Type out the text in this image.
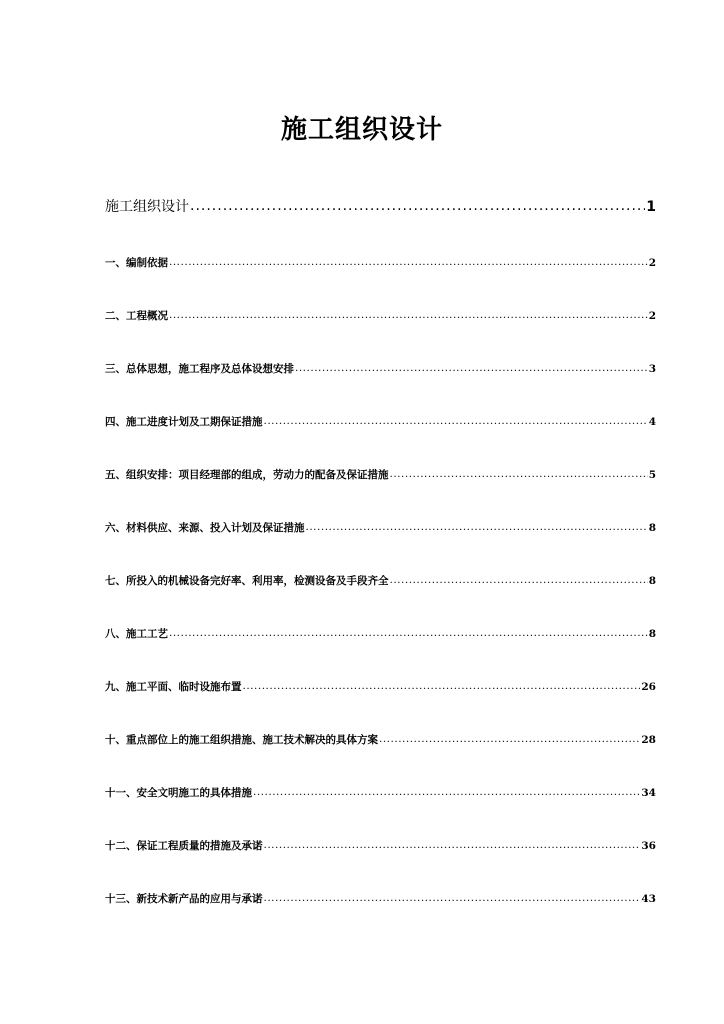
施工组织设计
施工组织设计 .....	1
一、编制依据 .....	2
二、工程概况 .....	2
三、总体思想，施工程序及总体设想安排 .....	3
四、施工进度计划及工期保证措施 .....	4
五、组织安排：项目经理部的组成，劳动力的配备及保证措施 .....	5
六、材料供应、来源、投入计划及保证措施 .....	8
七、所投入的机械设备完好率、利用率，检测设备及手段齐全 .....	8
八、施工工艺 .....	8
九、施工平面、临时设施布置 .....	26
十、重点部位上的施工组织措施、施工技术解决的具体方案 .....	28
十一、安全文明施工的具体措施 .....	34
十二、保证工程质量的措施及承诺 .....	36
十三、新技术新产品的应用与承诺 .....	43
